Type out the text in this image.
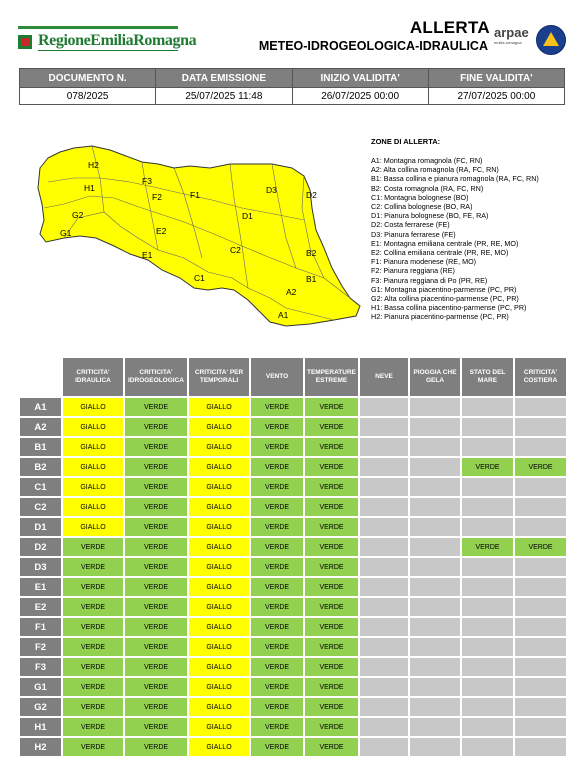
RegioneEmiliaRomagna
ALLERTA
METEO-IDROGEOLOGICA-IDRAULICA
arpae
emilia-romagna
DOCUMENTO N.	DATA EMISSIONE	INIZIO VALIDITA'	FINE VALIDITA'
078/2025	25/07/2025 11:48	26/07/2025 00:00	27/07/2025 00:00
H2
H1
G2
G1
F3
F2	F1
E2
E1
D3	D2
D1
C2
C1
B2
B1
A2
A1
ZONE DI ALLERTA:
A1: Montagna romagnola (FC, RN)
A2: Alta collina romagnola (RA, FC, RN)
B1: Bassa collina e pianura romagnola (RA, FC, RN)
B2: Costa romagnola (RA, FC, RN)
C1: Montagna bolognese (BO)
C2: Collina bolognese (BO, RA)
D1: Pianura bolognese (BO, FE, RA)
D2: Costa ferrarese (FE)
D3: Pianura ferrarese (FE)
E1: Montagna emiliana centrale (PR, RE, MO)
E2: Collina emiliana centrale (PR, RE, MO)
F1: Pianura modenese (RE, MO)
F2: Pianura reggiana (RE)
F3: Pianura reggiana di Po (PR, RE)
G1: Montagna piacentino-parmense (PC, PR)
G2: Alta collina piacentino-parmense (PC, PR)
H1: Bassa collina piacentino-parmense (PC, PR)
H2: Pianura piacentino-parmense (PC, PR)
	CRITICITA' IDRAULICA	CRITICITA' IDROGEOLOGICA	CRITICITA' PER TEMPORALI	VENTO	TEMPERATURE ESTREME	NEVE	PIOGGIA CHE GELA	STATO DEL MARE	CRITICITA' COSTIERA
A1	GIALLO	VERDE	GIALLO	VERDE	VERDE				
A2	GIALLO	VERDE	GIALLO	VERDE	VERDE				
B1	GIALLO	VERDE	GIALLO	VERDE	VERDE				
B2	GIALLO	VERDE	GIALLO	VERDE	VERDE			VERDE	VERDE
C1	GIALLO	VERDE	GIALLO	VERDE	VERDE				
C2	GIALLO	VERDE	GIALLO	VERDE	VERDE				
D1	GIALLO	VERDE	GIALLO	VERDE	VERDE				
D2	VERDE	VERDE	GIALLO	VERDE	VERDE			VERDE	VERDE
D3	VERDE	VERDE	GIALLO	VERDE	VERDE				
E1	VERDE	VERDE	GIALLO	VERDE	VERDE				
E2	VERDE	VERDE	GIALLO	VERDE	VERDE				
F1	VERDE	VERDE	GIALLO	VERDE	VERDE				
F2	VERDE	VERDE	GIALLO	VERDE	VERDE				
F3	VERDE	VERDE	GIALLO	VERDE	VERDE				
G1	VERDE	VERDE	GIALLO	VERDE	VERDE				
G2	VERDE	VERDE	GIALLO	VERDE	VERDE				
H1	VERDE	VERDE	GIALLO	VERDE	VERDE				
H2	VERDE	VERDE	GIALLO	VERDE	VERDE				
